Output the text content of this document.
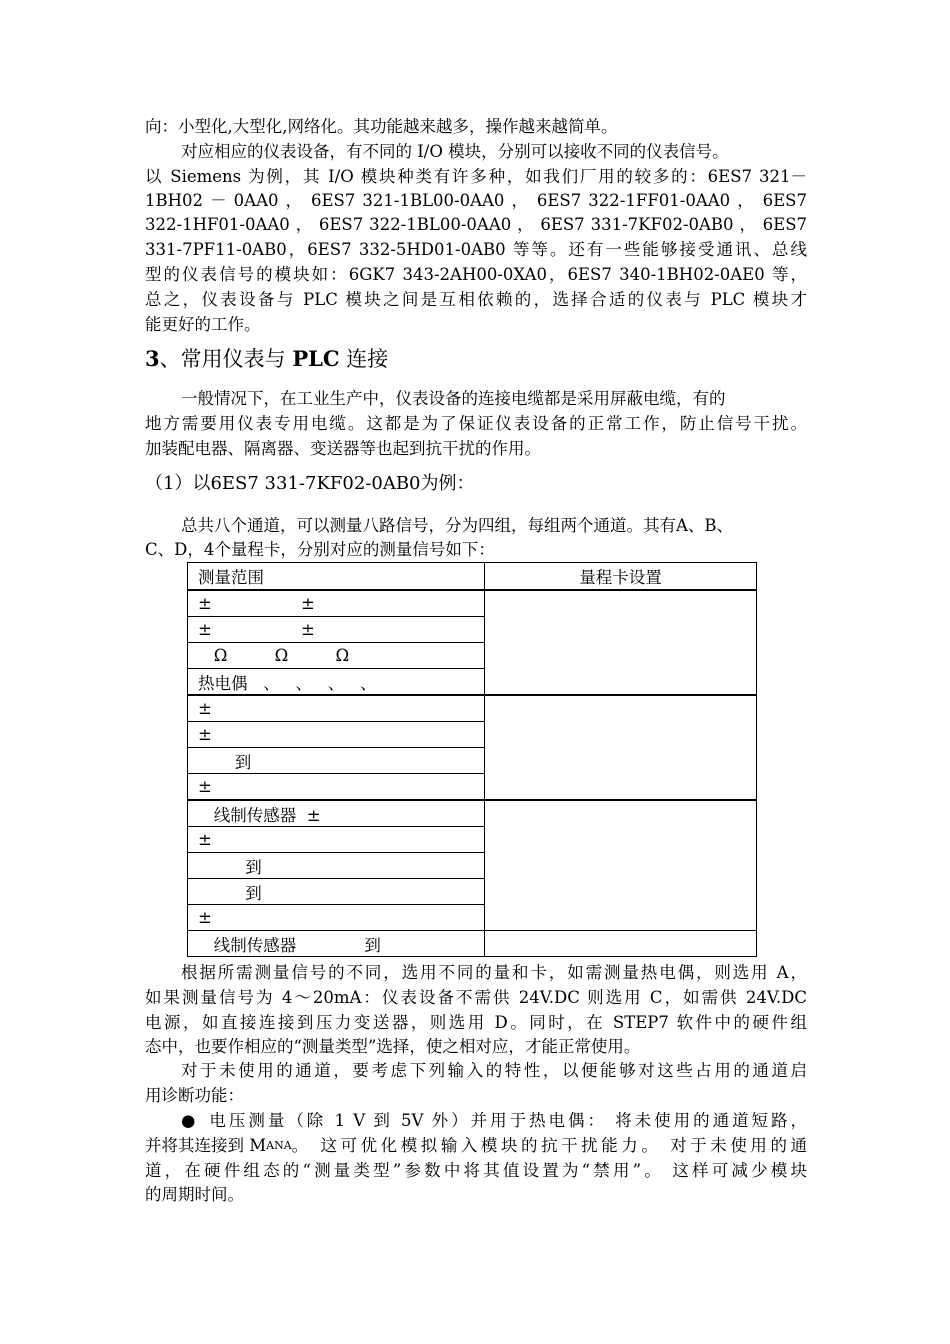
向：小型化,大型化,网络化。其功能越来越多，操作越来越简单。
对应相应的仪表设备，有不同的 I/O 模块，分别可以接收不同的仪表信号。
以 Siemens 为例，其 I/O 模块种类有许多种，如我们厂用的较多的：6ES7 321－
1BH02 － 0AA0 ， 6ES7 321-1BL00-0AA0 ， 6ES7 322-1FF01-0AA0 ， 6ES7
322-1HF01-0AA0 ， 6ES7 322-1BL00-0AA0 ， 6ES7 331-7KF02-0AB0 ， 6ES7
331-7PF11-0AB0，6ES7 332-5HD01-0AB0 等等。还有一些能够接受通讯、总线
型的仪表信号的模块如：6GK7 343-2AH00-0XA0，6ES7 340-1BH02-0AE0 等，
总之，仪表设备与 PLC 模块之间是互相依赖的，选择合适的仪表与 PLC 模块才
能更好的工作。
3、常用仪表与 PLC 连接
一般情况下，在工业生产中，仪表设备的连接电缆都是采用屏蔽电缆，有的
地方需要用仪表专用电缆。这都是为了保证仪表设备的正常工作，防止信号干扰。
加装配电器、隔离器、变送器等也起到抗干扰的作用。
（1）以6ES7 331-7KF02-0AB0为例：
总共八个通道，可以测量八路信号，分为四组，每组两个通道。其有A、B、
C、D，4个量程卡，分别对应的测量信号如下：
测量范围	量程卡设置
±                 ±	
±                 ±	
Ω         Ω         Ω	
热电偶   、   、   、   、	
±	
±	
到	
±	
线制传感器  ±	
±	
到	
到	
±	
线制传感器             到	
根据所需测量信号的不同，选用不同的量和卡，如需测量热电偶，则选用 A，
如果测量信号为 4～20mA：仪表设备不需供 24V.DC 则选用 C，如需供 24V.DC
电源，如直接连接到压力变送器，则选用 D。同时，在 STEP7 软件中的硬件组
态中，也要作相应的“测量类型”选择，使之相对应，才能正常使用。
对于未使用的通道，要考虑下列输入的特性，以便能够对这些占用的通道启
用诊断功能：
● 电压测量（除 1 V 到 5V 外）并用于热电偶： 将未使用的通道短路，
并将其连接到 M ANA 。 这可优化模拟输入模块的抗干扰能力。 对于未使用的通
道，在硬件组态的“测量类型”参数中将其值设置为“禁用”。 这样可减少模块
的周期时间。
